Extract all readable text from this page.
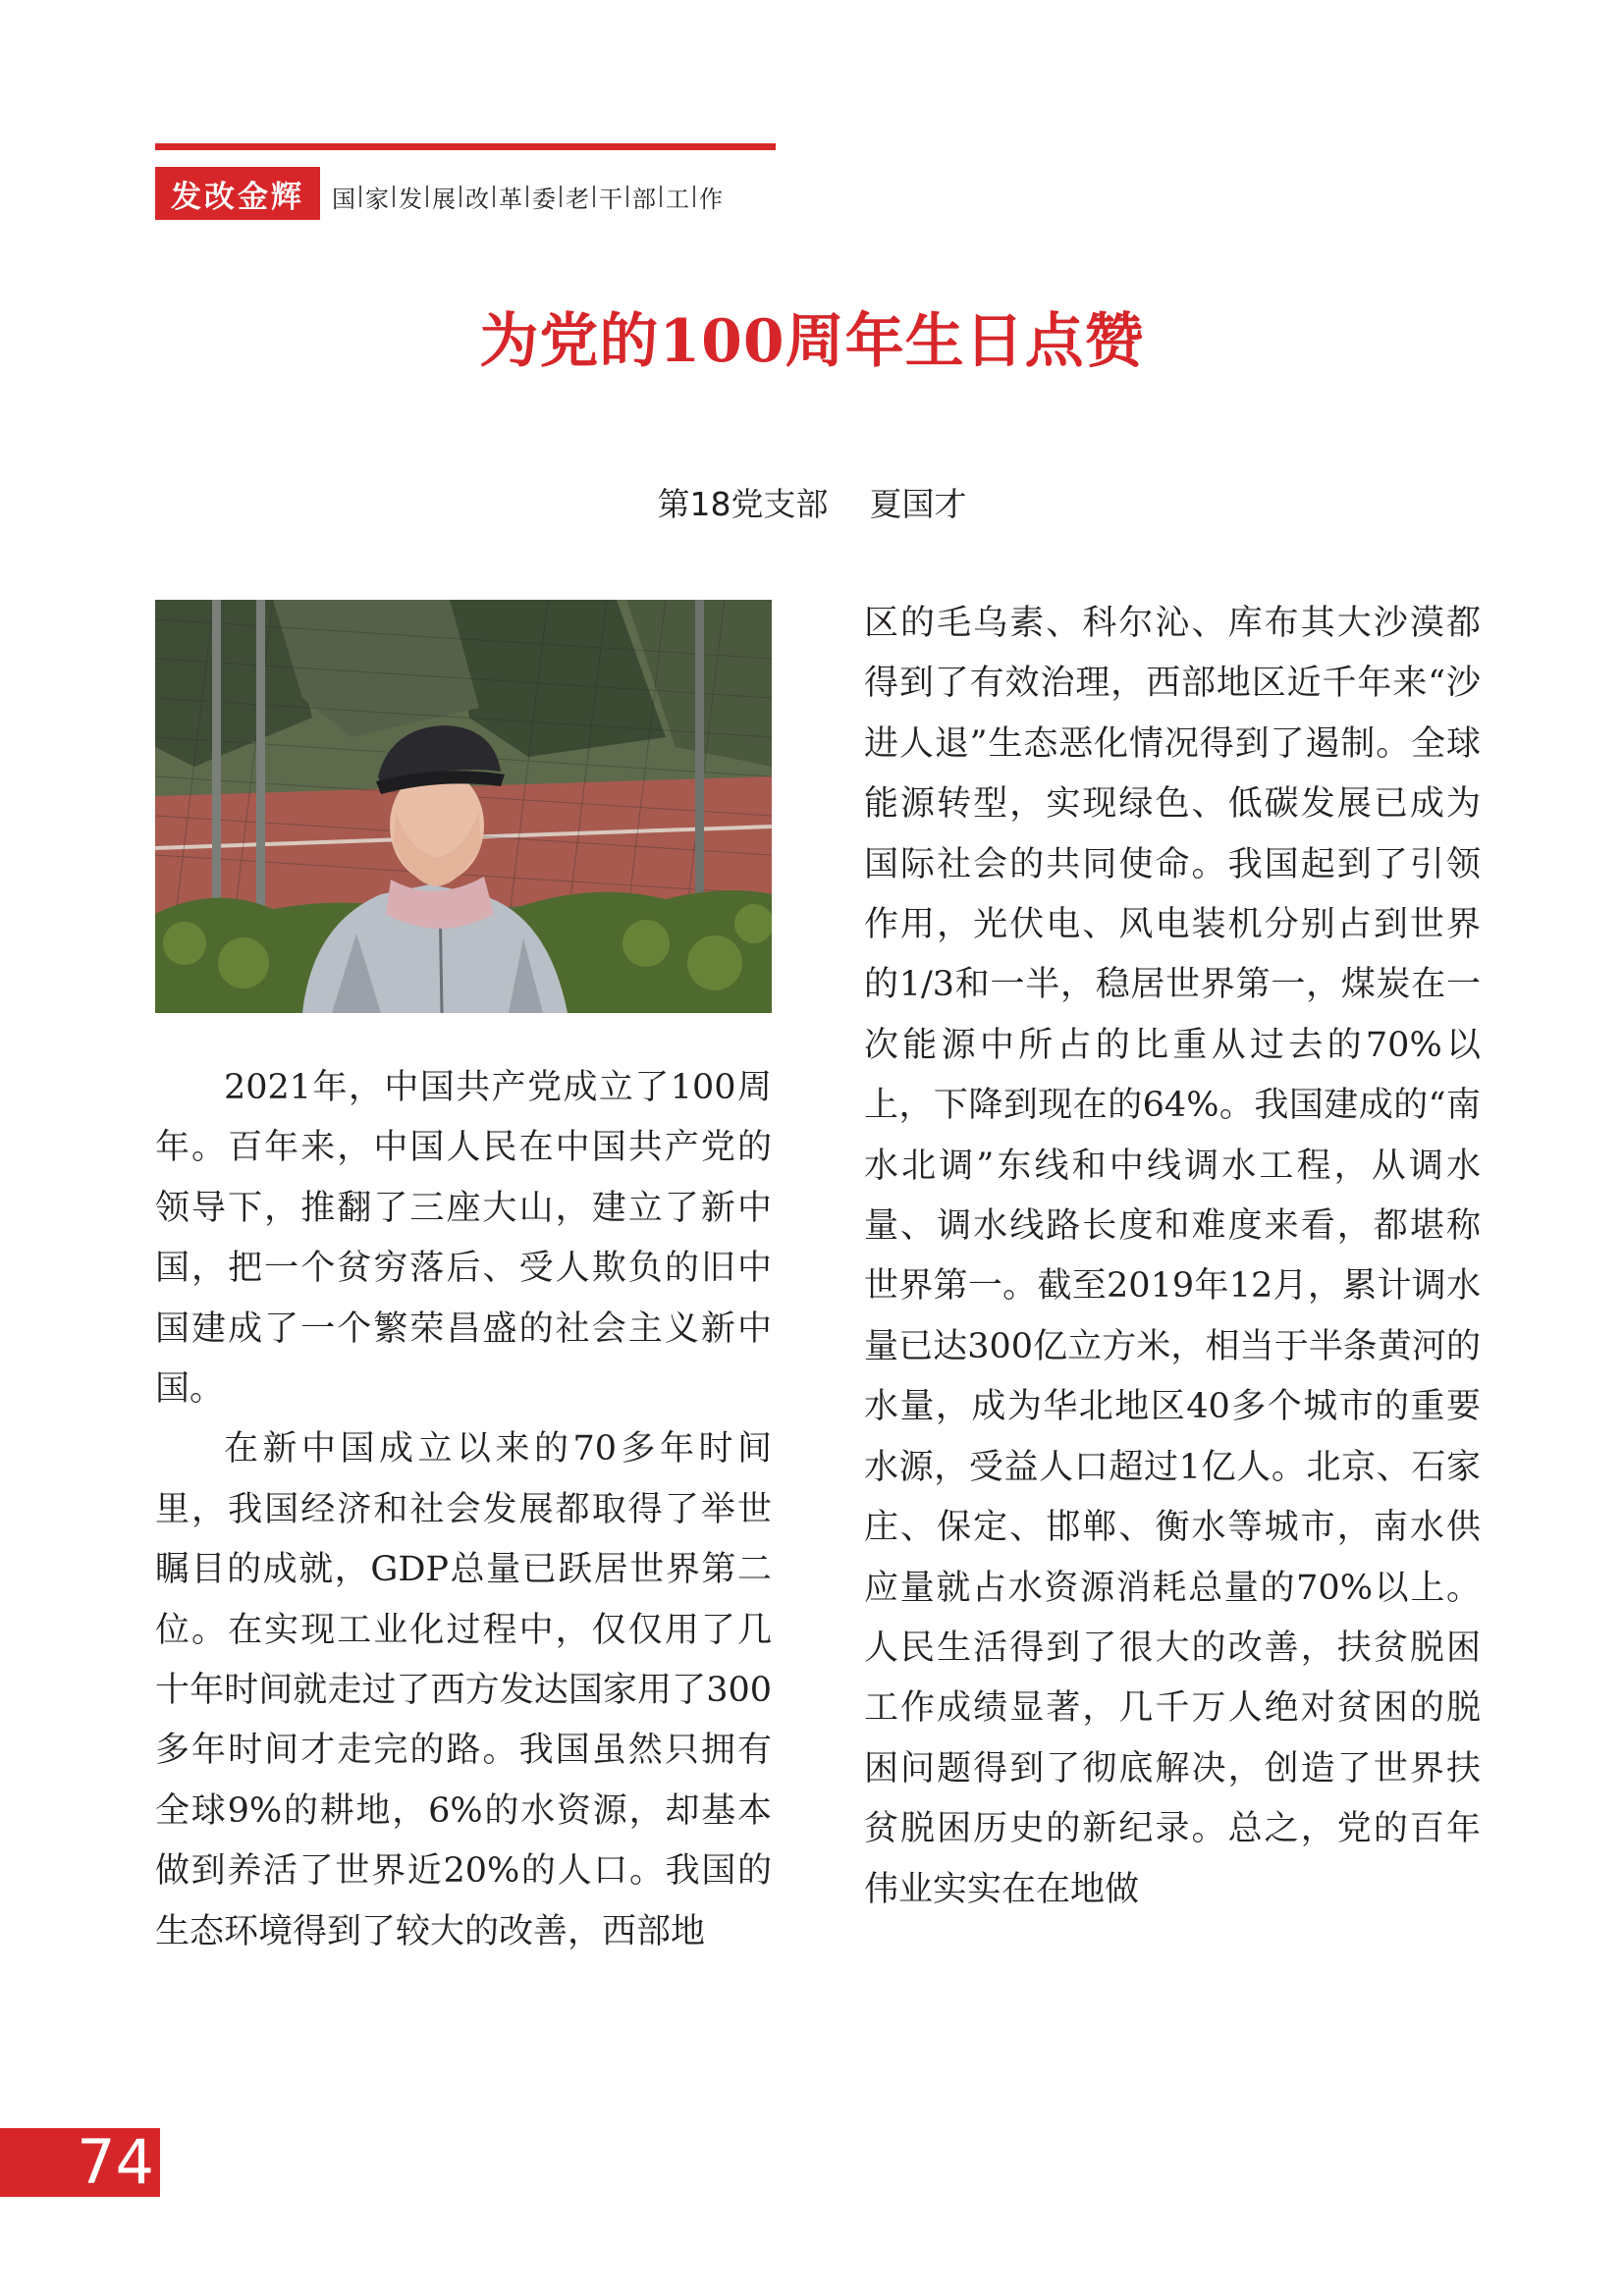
发改金辉	国 家 发 展 改 革 委 老 干 部 工 作
为党的100周年生日点赞
第18党支部 夏国才

2021年，中国共产党成立了100周年。百年来，中国人民在中国共产党的领导下，推翻了三座大山，建立了新中国，把一个贫穷落后、受人欺负的旧中国建成了一个繁荣昌盛的社会主义新中国。

在新中国成立以来的70多年时间里，我国经济和社会发展都取得了举世瞩目的成就，GDP总量已跃居世界第二位。在实现工业化过程中，仅仅用了几十年时间就走过了西方发达国家用了300多年时间才走完的路。我国虽然只拥有全球9%的耕地，6%的水资源，却基本做到养活了世界近20%的人口。我国的生态环境得到了较大的改善，西部地

区的毛乌素、科尔沁、库布其大沙漠都得到了有效治理，西部地区近千年来“沙进人退”生态恶化情况得到了遏制。全球能源转型，实现绿色、低碳发展已成为国际社会的共同使命。我国起到了引领作用，光伏电、风电装机分别占到世界的1/3和一半，稳居世界第一，煤炭在一次能源中所占的比重从过去的70%以上，下降到现在的64%。我国建成的“南水北调”东线和中线调水工程，从调水量、调水线路长度和难度来看，都堪称世界第一。截至2019年12月，累计调水量已达300亿立方米，相当于半条黄河的水量，成为华北地区40多个城市的重要水源，受益人口超过1亿人。北京、石家庄、保定、邯郸、衡水等城市，南水供应量就占水资源消耗总量的70%以上。人民生活得到了很大的改善，扶贫脱困工作成绩显著，几千万人绝对贫困的脱困问题得到了彻底解决，创造了世界扶贫脱困历史的新纪录。总之，党的百年伟业实实在在地做

74
